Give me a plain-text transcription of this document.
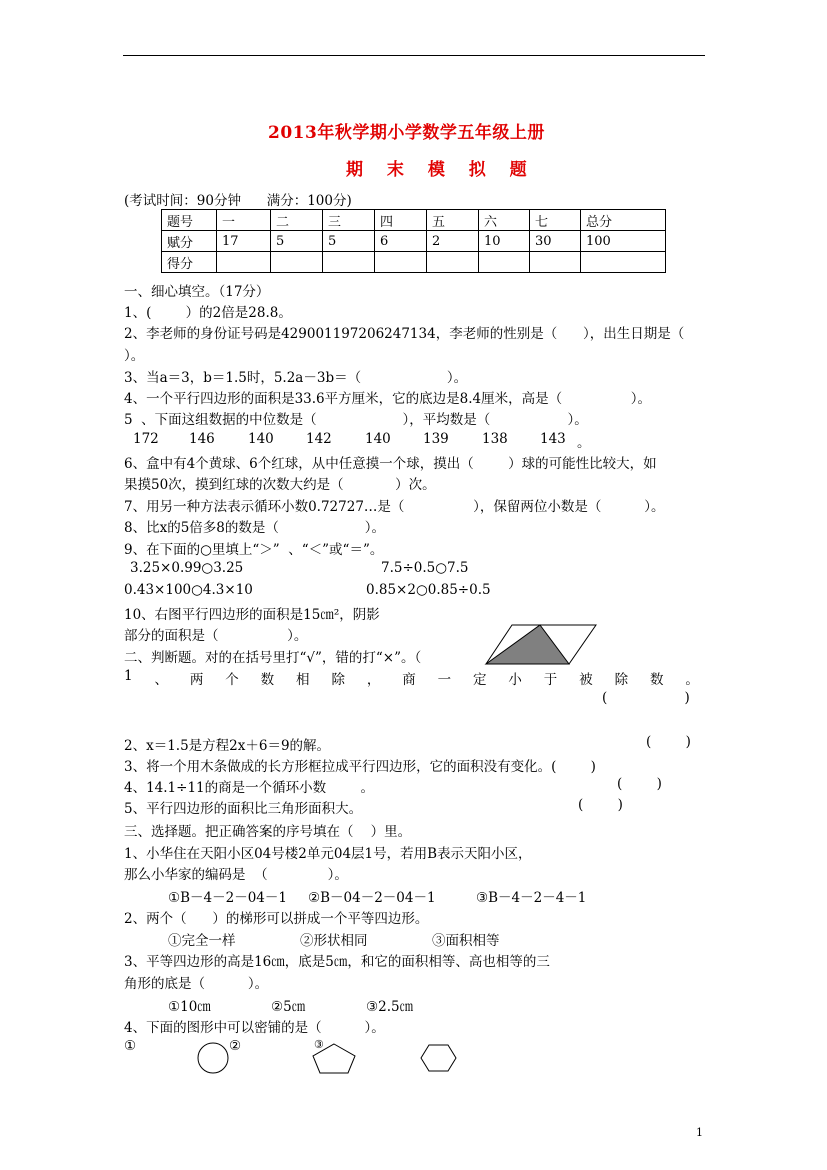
2013年秋学期小学数学五年级上册
期 末 模 拟 题
(考试时间：90分钟      满分：100分)
题号	一	二	三	四	五	六	七	总分
赋分	17	5	5	6	2	10	30	100
得分								
一、细心填空。（17分）
1、(        ）的2倍是28.8。
2、李老师的身份证号码是429001197206247134，李老师的性别是（      ），出生日期是（
）。
3、当a＝3，b＝1.5时，5.2a－3b＝（                    ）。
4、一个平行四边形的面积是33.6平方厘米，它的底边是8.4厘米，高是（                ）。
5  、下面这组数据的中位数是（                    ），平均数是（                  ）。
172 146 140 142 140 139 138 143 。
6、盒中有4个黄球、6个红球，从中任意摸一个球，摸出（        ）球的可能性比较大，如
果摸50次，摸到红球的次数大约是（            ）次。
7、用另一种方法表示循环小数0.72727…是（                ），保留两位小数是（          ）。
8、比x的5倍多8的数是（                    ）。
9、在下面的○里填上“＞”  、“＜”或“＝”。
3.25×0.99○3.25	7.5÷0.5○7.5
0.43×100○4.3×10	0.85×2○0.85÷0.5
10、右图平行四边形的面积是15㎝²，阴影
部分的面积是（                ）。
二、判断题。对的在括号里打“√”，错的打“×”。（
1 、 两 个 数 相 除 ， 商 一 定 小 于 被 除 数 。
(                  )
2、x＝1.5是方程2x＋6＝9的解。	(        )
3、将一个用木条做成的长方形框拉成平行四边形，它的面积没有变化。(        )
4、14.1÷11的商是一个循环小数        。	(        )
5、平行四边形的面积比三角形面积大。	(        )
三、选择题。把正确答案的序号填在（    ）里。
1、小华住在天阳小区04号楼2单元04层1号，若用B表示天阳小区，
那么小华家的编码是  （              ）。
①B－4－2－04－1 ②B－04－2－04－1	③B－4－2－4－1
2、两个（      ）的梯形可以拼成一个平等四边形。
①完全一样	②形状相同	③面积相等
3、平等四边形的高是16㎝，底是5㎝，和它的面积相等、高也相等的三
角形的底是（          ）。
①10㎝	②5㎝	③2.5㎝
4、下面的图形中可以密铺的是（          ）。
①	②	③
1
